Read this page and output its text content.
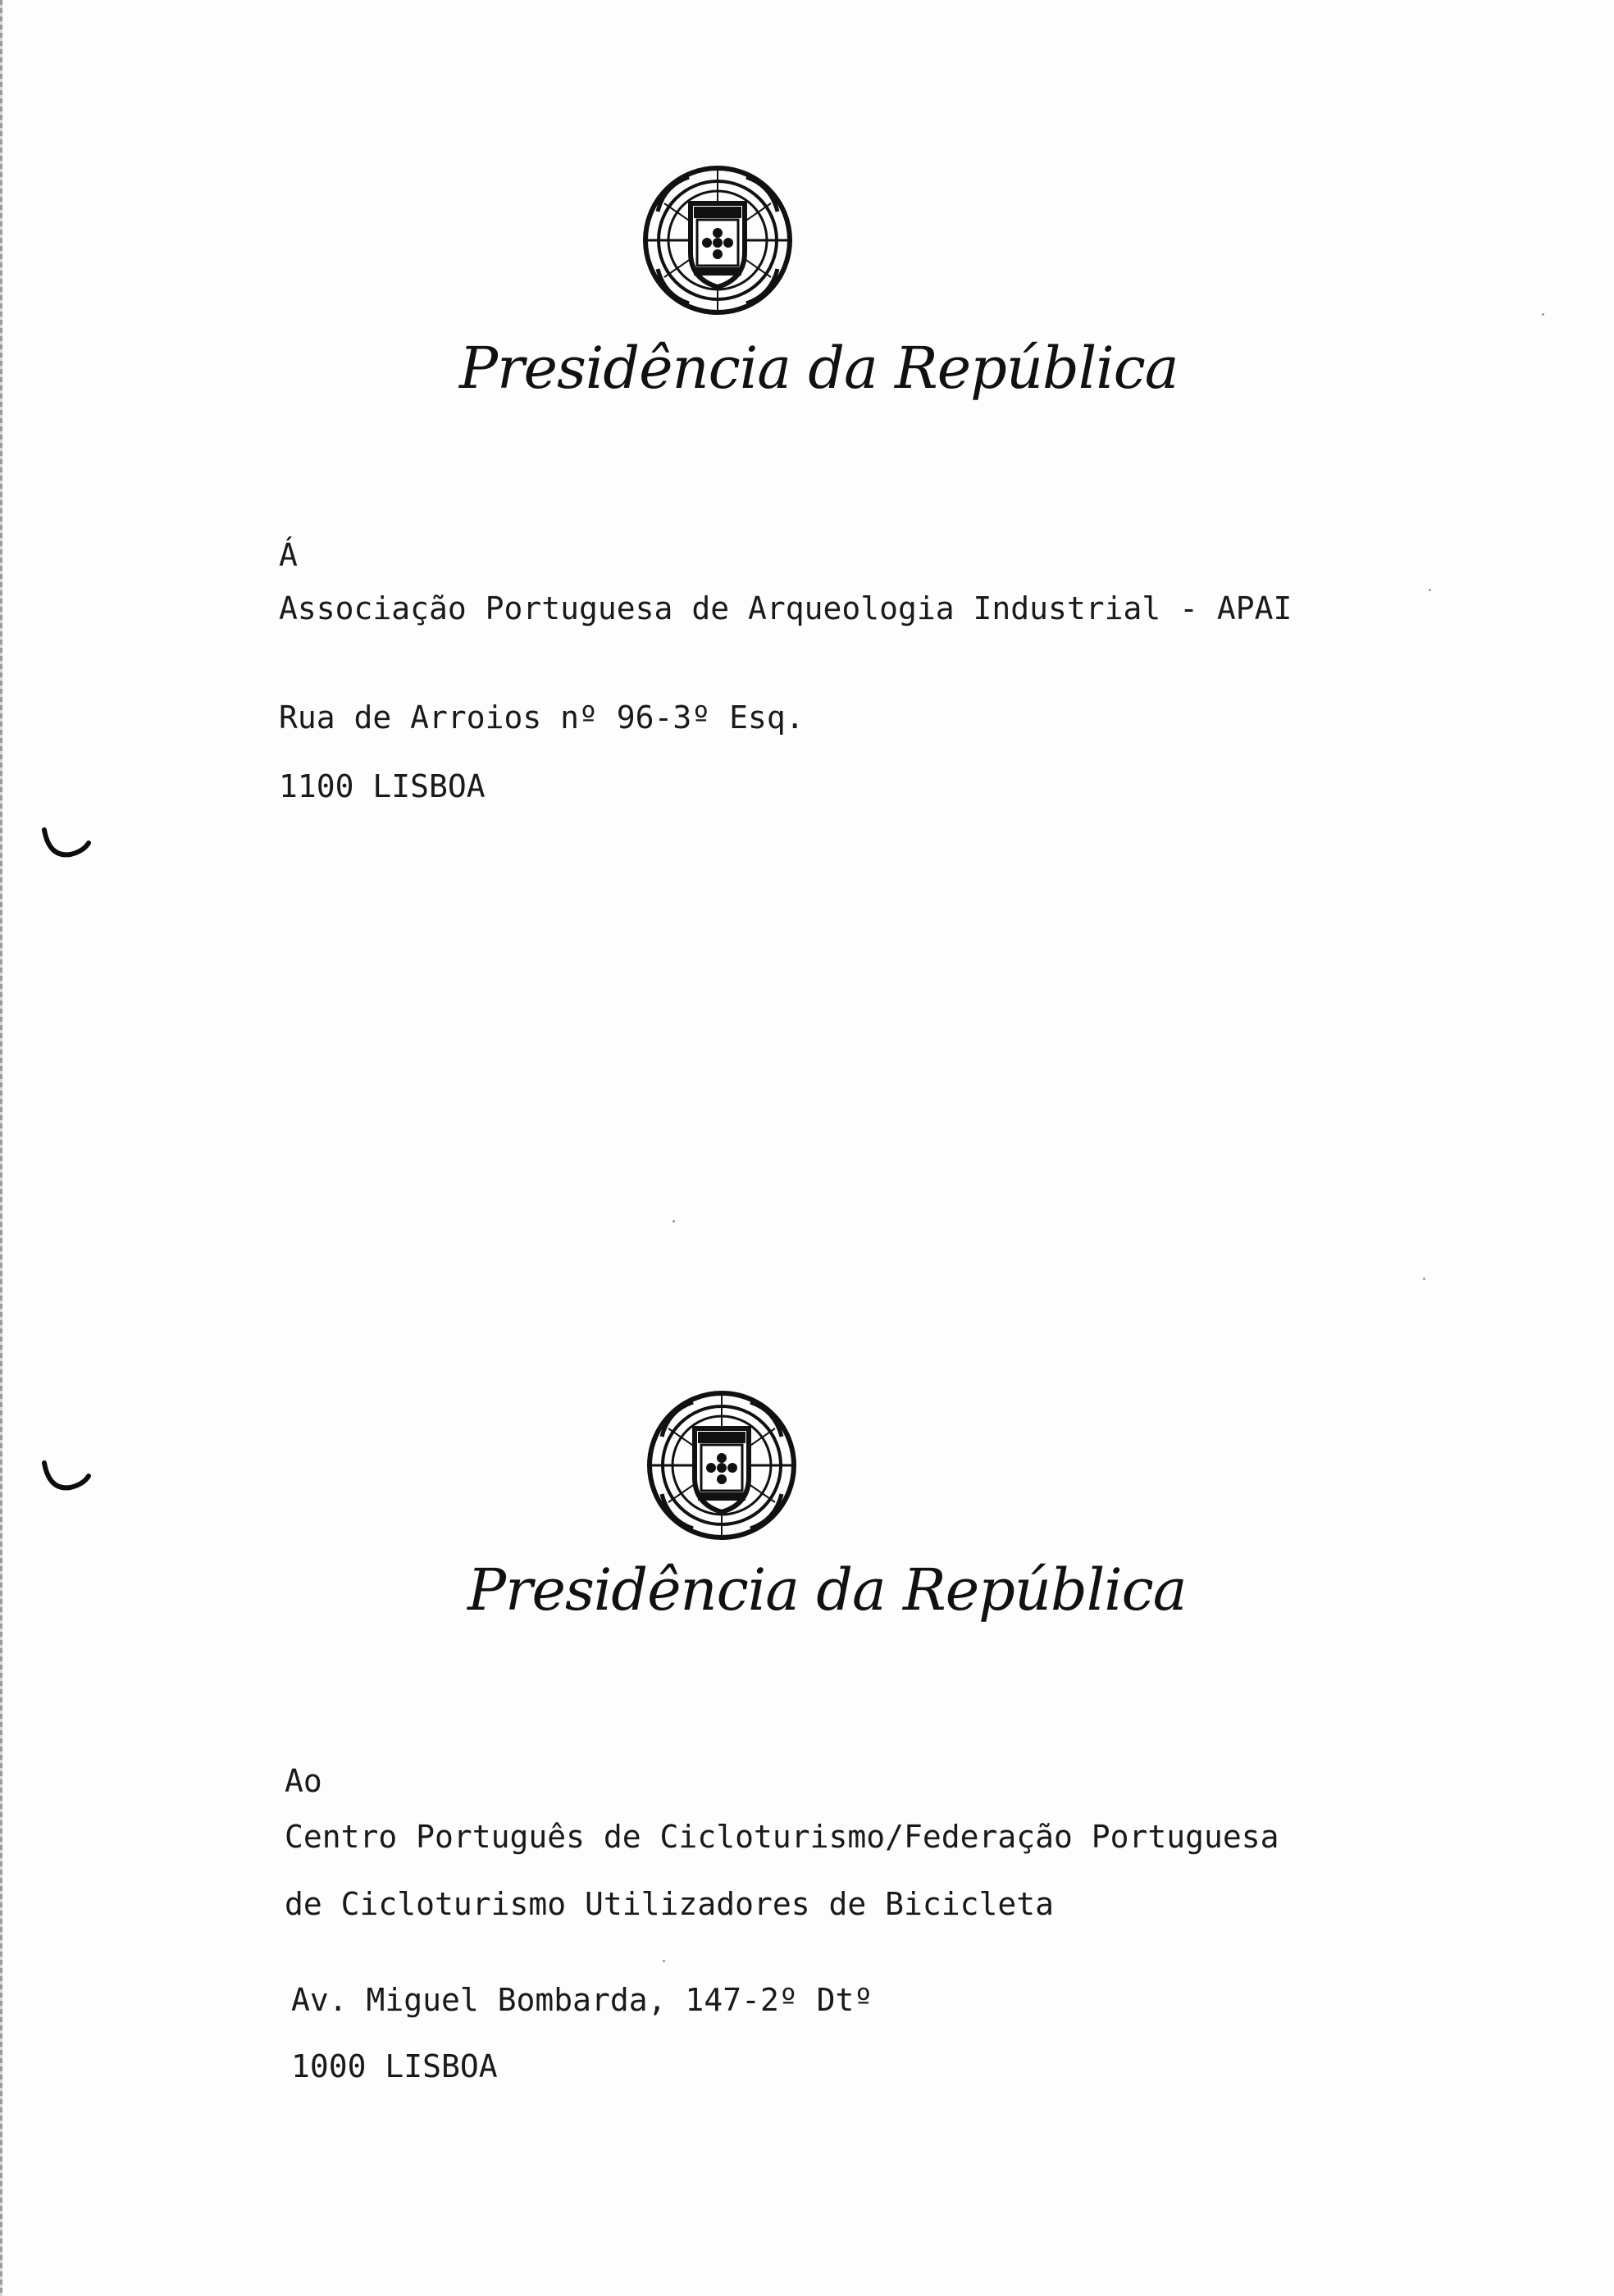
Presidência da República
Á
Associação Portuguesa de Arqueologia Industrial - APAI
Rua de Arroios nº 96-3º Esq.
1100 LISBOA
Presidência da República
Ao
Centro Português de Cicloturismo/Federação Portuguesa
de Cicloturismo Utilizadores de Bicicleta
Av. Miguel Bombarda, 147-2º Dtº
1000 LISBOA
